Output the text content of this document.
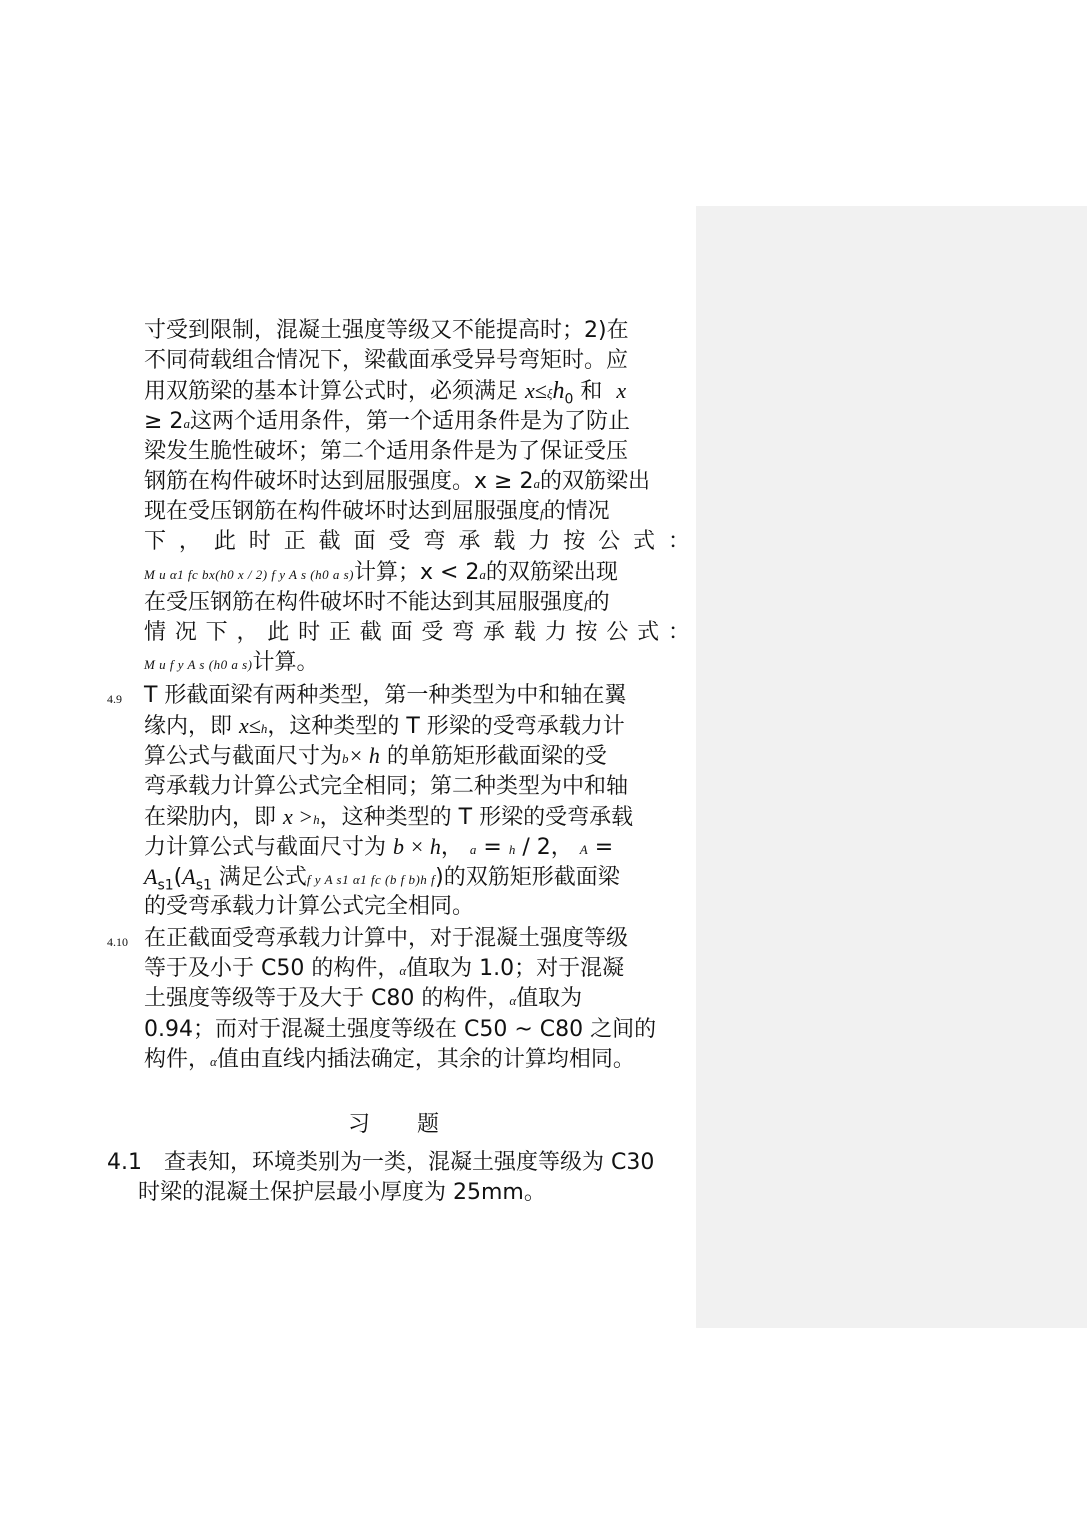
寸受到限制，混凝土强度等级又不能提高时；2)在
不同荷载组合情况下，梁截面承受异号弯矩时。应
用双筋梁的基本计算公式时，必须满足 $x\le\xi h_0$ 和 x
≥ 2a这两个适用条件，第一个适用条件是为了防止
梁发生脆性破坏；第二个适用条件是为了保证受压
钢筋在构件破坏时达到屈服强度。x ≥ 2a的双筋梁出
现在受压钢筋在构件破坏时达到屈服强度f的情况
下，此时正截面受弯承载力按公式：
M u α1 fc bx(h0 x / 2) f y A s (h0 a s)计算；x < 2a的双筋梁出现
在受压钢筋在构件破坏时不能达到其屈服强度f的
情况下，此时正截面受弯承载力按公式：
M u f y A s (h0 a s)计算。
4.9	T 形截面梁有两种类型，第一种类型为中和轴在翼
缘内，即 x≤h，这种类型的 T 形梁的受弯承载力计
算公式与截面尺寸为b× h 的单筋矩形截面梁的受
弯承载力计算公式完全相同；第二种类型为中和轴
在梁肋内，即 x >h，这种类型的 T 形梁的受弯承载
力计算公式与截面尺寸为 b × h， a = h / 2， A =
$A_{s1}(A_{s1}$ 满足公式f y A s1 α1 fc (b f b)h f)的双筋矩形截面梁
的受弯承载力计算公式完全相同。
4.10 在正截面受弯承载力计算中，对于混凝土强度等级
等于及小于 C50 的构件，α值取为 1.0；对于混凝
土强度等级等于及大于 C80 的构件，α值取为
0.94；而对于混凝土强度等级在 C50 ~ C80 之间的
构件，α值由直线内插法确定，其余的计算均相同。
习 题
4.1　查表知，环境类别为一类，混凝土强度等级为 C30
时梁的混凝土保护层最小厚度为 25mm。
